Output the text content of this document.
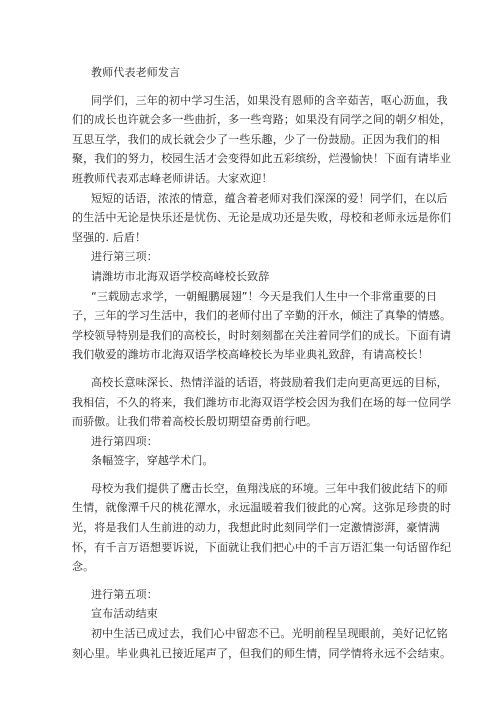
教师代表老师发言
同学们，三年的初中学习生活，如果没有恩师的含辛茹苦，呕心沥血，我
们的成长也许就会多一些曲折，多一些弯路；如果没有同学之间的朝夕相处，
互思互学，我们的成长就会少了一些乐趣，少了一份鼓励。正因为我们的相
聚，我们的努力，校园生活才会变得如此五彩缤纷，烂漫愉快！下面有请毕业
班教师代表邓志峰老师讲话。大家欢迎！
短短的话语，浓浓的情意，蕴含着老师对我们深深的爱！同学们，在以后
的生活中无论是快乐还是忧伤、无论是成功还是失败，母校和老师永远是你们
坚强的. 后盾！
进行第三项：
请潍坊市北海双语学校高峰校长致辞
“三载励志求学，一朝鲲鹏展翅”！今天是我们人生中一个非常重要的日
子，三年的学习生活中，我们的老师付出了辛勤的汗水，倾注了真挚的情感。
学校领导特别是我们的高校长，时时刻刻都在关注着同学们的成长。下面有请
我们敬爱的潍坊市北海双语学校高峰校长为毕业典礼致辞，有请高校长！
高校长意味深长、热情洋溢的话语，将鼓励着我们走向更高更远的目标，
我相信，不久的将来，我们潍坊市北海双语学校会因为我们在场的每一位同学
而骄傲。让我们带着高校长殷切期望奋勇前行吧。
进行第四项：
条幅签字，穿越学术门。
母校为我们提供了鹰击长空，鱼翔浅底的环境。三年中我们彼此结下的师
生情，就像潭千尺的桃花潭水，永远温暖着我们彼此的心窝。这弥足珍贵的时
光，将是我们人生前进的动力，我想此时此刻同学们一定激情澎湃，豪情满
怀，有千言万语想要诉说，下面就让我们把心中的千言万语汇集一句话留作纪
念。
进行第五项：
宣布活动结束
初中生活已成过去，我们心中留恋不已。光明前程呈现眼前，美好记忆铭
刻心里。毕业典礼已接近尾声了，但我们的师生情，同学情将永远不会结束。
